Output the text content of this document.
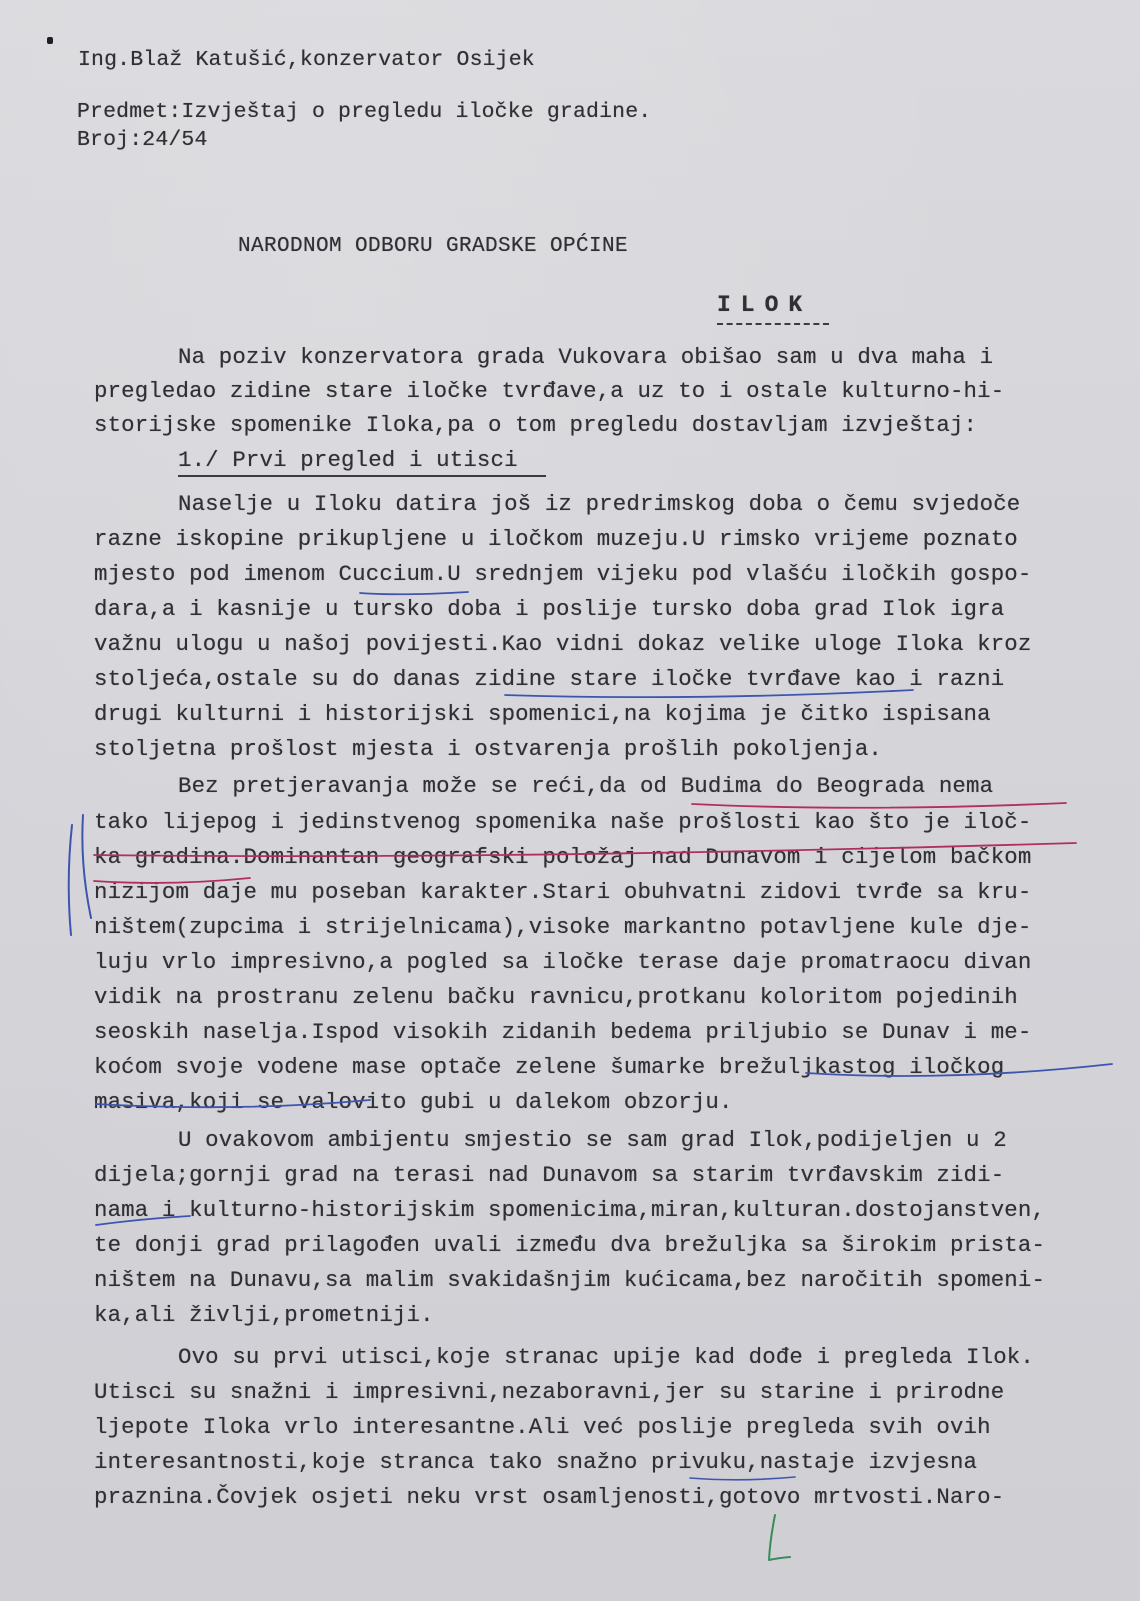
Ing.Blaž Katušić,konzervator Osijek
Predmet:Izvještaj o pregledu iločke gradine.
Broj:24/54
NARODNOM ODBORU GRADSKE OPĆINE
ILOK
Na poziv konzervatora grada Vukovara obišao sam u dva maha i
pregledao zidine stare iločke tvrđave,a uz to i ostale kulturno-hi-
storijske spomenike Iloka,pa o tom pregledu dostavljam izvještaj:
1./ Prvi pregled i utisci
Naselje u Iloku datira još iz predrimskog doba o čemu svjedoče
razne iskopine prikupljene u iločkom muzeju.U rimsko vrijeme poznato
mjesto pod imenom Cuccium.U srednjem vijeku pod vlašću iločkih gospo-
dara,a i kasnije u tursko doba i poslije tursko doba grad Ilok igra
važnu ulogu u našoj povijesti.Kao vidni dokaz velike uloge Iloka kroz
stoljeća,ostale su do danas zidine stare iločke tvrđave kao i razni
drugi kulturni i historijski spomenici,na kojima je čitko ispisana
stoljetna prošlost mjesta i ostvarenja prošlih pokoljenja.
Bez pretjeravanja može se reći,da od Budima do Beograda nema
tako lijepog i jedinstvenog spomenika naše prošlosti kao što je iloč-
ka gradina.Dominantan geografski položaj nad Dunavom i cijelom bačkom
nizijom daje mu poseban karakter.Stari obuhvatni zidovi tvrđe sa kru-
ništem(zupcima i strijelnicama),visoke markantno potavljene kule dje-
luju vrlo impresivno,a pogled sa iločke terase daje promatraocu divan
vidik na prostranu zelenu bačku ravnicu,protkanu koloritom pojedinih
seoskih naselja.Ispod visokih zidanih bedema priljubio se Dunav i me-
koćom svoje vodene mase optače zelene šumarke brežuljkastog iločkog
masiva,koji se valovito gubi u dalekom obzorju.
U ovakovom ambijentu smjestio se sam grad Ilok,podijeljen u 2
dijela;gornji grad na terasi nad Dunavom sa starim tvrđavskim zidi-
nama i kulturno-historijskim spomenicima,miran,kulturan.dostojanstven,
te donji grad prilagođen uvali između dva brežuljka sa širokim prista-
ništem na Dunavu,sa malim svakidašnjim kućicama,bez naročitih spomeni-
ka,ali življi,prometniji.
Ovo su prvi utisci,koje stranac upije kad dođe i pregleda Ilok.
Utisci su snažni i impresivni,nezaboravni,jer su starine i prirodne
ljepote Iloka vrlo interesantne.Ali već poslije pregleda svih ovih
interesantnosti,koje stranca tako snažno privuku,nastaje izvjesna
praznina.Čovjek osjeti neku vrst osamljenosti,gotovo mrtvosti.Naro-
